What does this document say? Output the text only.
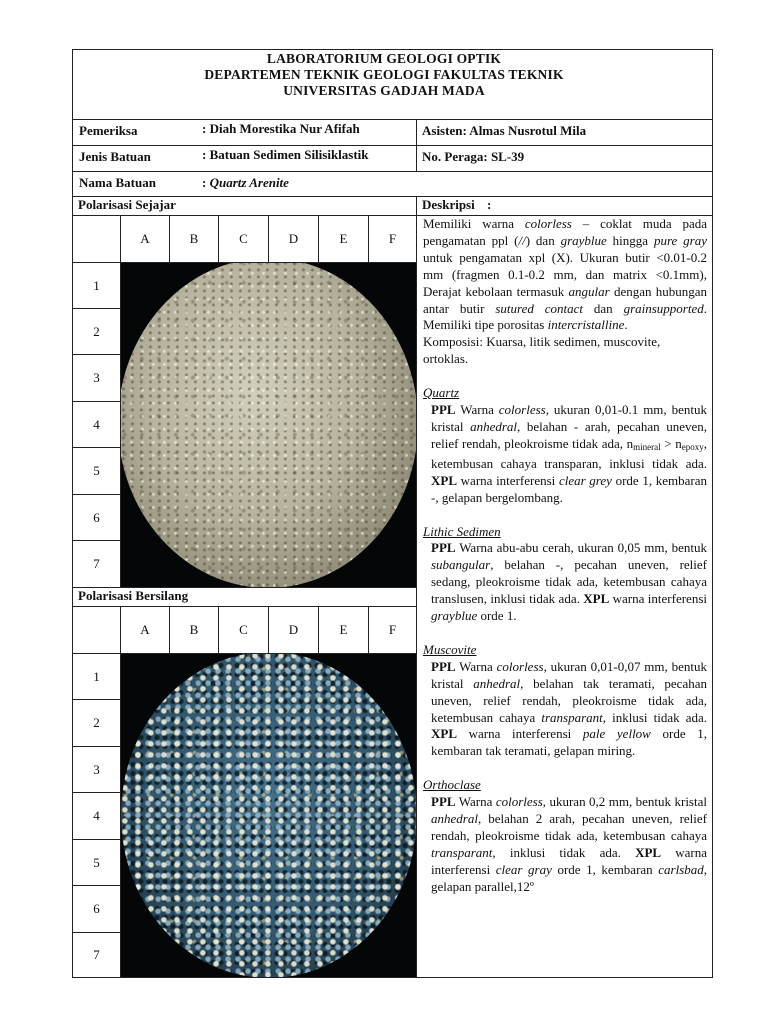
LABORATORIUM GEOLOGI OPTIK
DEPARTEMEN TEKNIK GEOLOGI FAKULTAS TEKNIK
UNIVERSITAS GADJAH MADA
Pemeriksa	: Diah Morestika Nur Afifah	Asisten: Almas Nusrotul Mila
Jenis Batuan	: Batuan Sedimen Silisiklastik	No. Peraga: SL-39
Nama Batuan	: Quartz Arenite
Polarisasi Sejajar
Polarisasi Bersilang
A	B	C	D	E	F
1
2
3
4
5
6
7
A	B	C	D	E	F
1
2
3
4
5
6
7
Deskripsi :

Memiliki warna colorless – coklat muda pada pengamatan ppl (//) dan grayblue hingga pure gray untuk pengamatan xpl (X). Ukuran butir <0.01-0.2 mm (fragmen 0.1-0.2 mm, dan matrix <0.1mm), Derajat kebolaan termasuk angular dengan hubungan antar butir sutured contact dan grainsupported. Memiliki tipe porositas intercristalline.

Komposisi: Kuarsa, litik sedimen, muscovite, ortoklas.

Quartz

PPL Warna colorless, ukuran 0,01-0.1 mm, bentuk kristal anhedral, belahan - arah, pecahan uneven, relief rendah, pleokroisme tidak ada, $n_{mineral} > n_{epoxy}$, ketembusan cahaya transparan, inklusi tidak ada. XPL warna interferensi clear grey orde 1, kembaran -, gelapan bergelombang.

Lithic Sedimen

PPL Warna abu-abu cerah, ukuran 0,05 mm, bentuk subangular, belahan -, pecahan uneven, relief sedang, pleokroisme tidak ada, ketembusan cahaya translusen, inklusi tidak ada. XPL warna interferensi grayblue orde 1.

Muscovite

PPL Warna colorless, ukuran 0,01-0,07 mm, bentuk kristal anhedral, belahan tak teramati, pecahan uneven, relief rendah, pleokroisme tidak ada, ketembusan cahaya transparant, inklusi tidak ada. XPL warna interferensi pale yellow orde 1, kembaran tak teramati, gelapan miring.

Orthoclase

PPL Warna colorless, ukuran 0,2 mm, bentuk kristal anhedral, belahan 2 arah, pecahan uneven, relief rendah, pleokroisme tidak ada, ketembusan cahaya transparant, inklusi tidak ada. XPL warna interferensi clear gray orde 1, kembaran carlsbad, gelapan parallel,12º
